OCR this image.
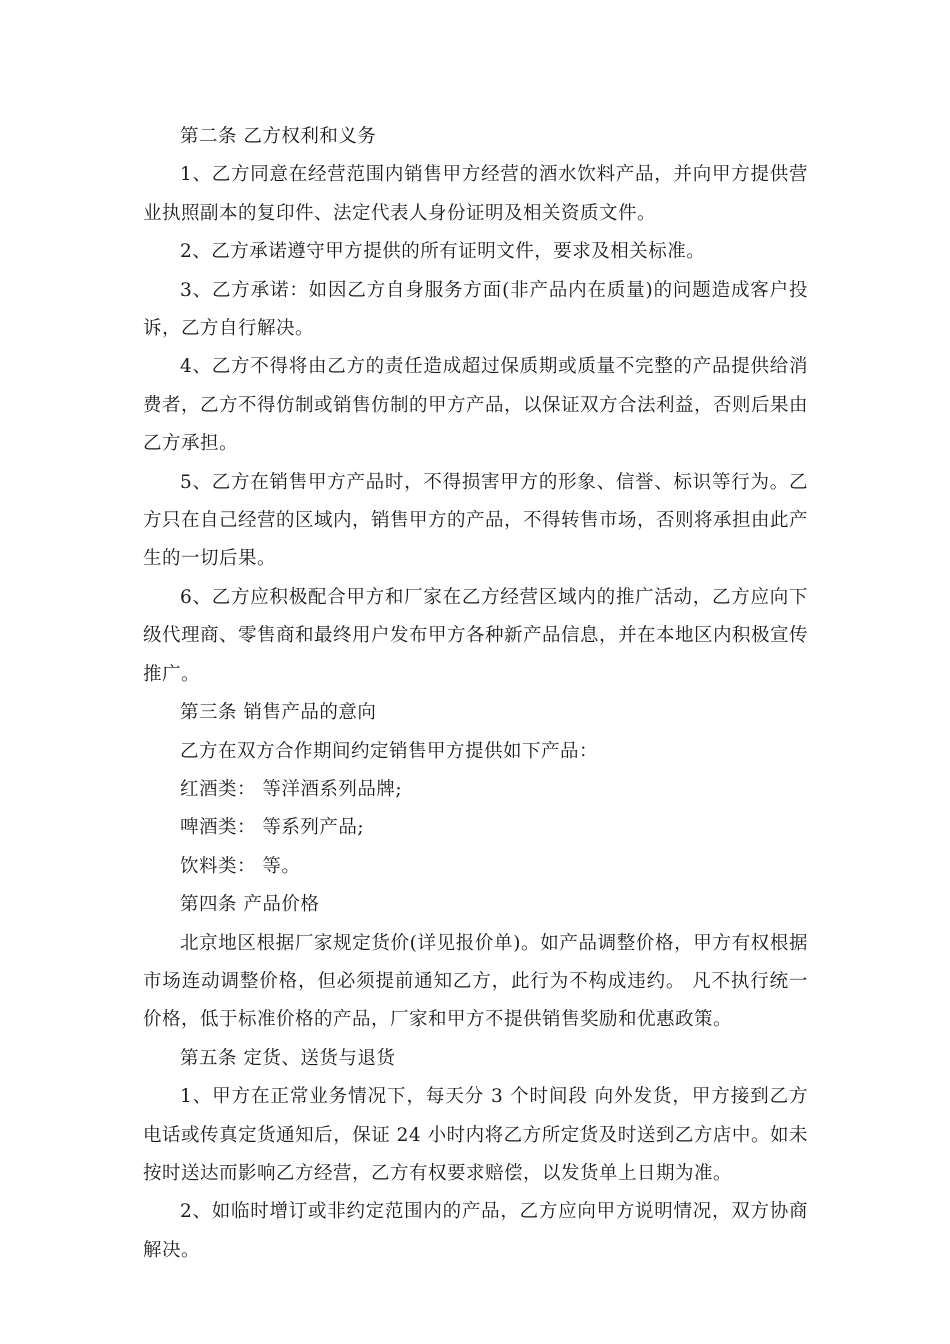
第二条 乙方权利和义务

1、乙方同意在经营范围内销售甲方经营的酒水饮料产品，并向甲方提供营业执照副本的复印件、法定代表人身份证明及相关资质文件。

2、乙方承诺遵守甲方提供的所有证明文件，要求及相关标准。

3、乙方承诺：如因乙方自身服务方面(非产品内在质量)的问题造成客户投诉，乙方自行解决。

4、乙方不得将由乙方的责任造成超过保质期或质量不完整的产品提供给消费者，乙方不得仿制或销售仿制的甲方产品，以保证双方合法利益，否则后果由乙方承担。

5、乙方在销售甲方产品时，不得损害甲方的形象、信誉、标识等行为。乙方只在自己经营的区域内，销售甲方的产品，不得转售市场，否则将承担由此产生的一切后果。

6、乙方应积极配合甲方和厂家在乙方经营区域内的推广活动，乙方应向下级代理商、零售商和最终用户发布甲方各种新产品信息，并在本地区内积极宣传推广。

第三条 销售产品的意向

乙方在双方合作期间约定销售甲方提供如下产品：

红酒类： 等洋酒系列品牌;

啤酒类： 等系列产品;

饮料类： 等。

第四条 产品价格

北京地区根据厂家规定货价(详见报价单)。如产品调整价格，甲方有权根据市场连动调整价格，但必须提前通知乙方，此行为不构成违约。 凡不执行统一价格，低于标准价格的产品，厂家和甲方不提供销售奖励和优惠政策。

第五条 定货、送货与退货

1、甲方在正常业务情况下，每天分 3 个时间段 向外发货，甲方接到乙方电话或传真定货通知后，保证 24 小时内将乙方所定货及时送到乙方店中。如未按时送达而影响乙方经营，乙方有权要求赔偿，以发货单上日期为准。

2、如临时增订或非约定范围内的产品，乙方应向甲方说明情况，双方协商解决。
